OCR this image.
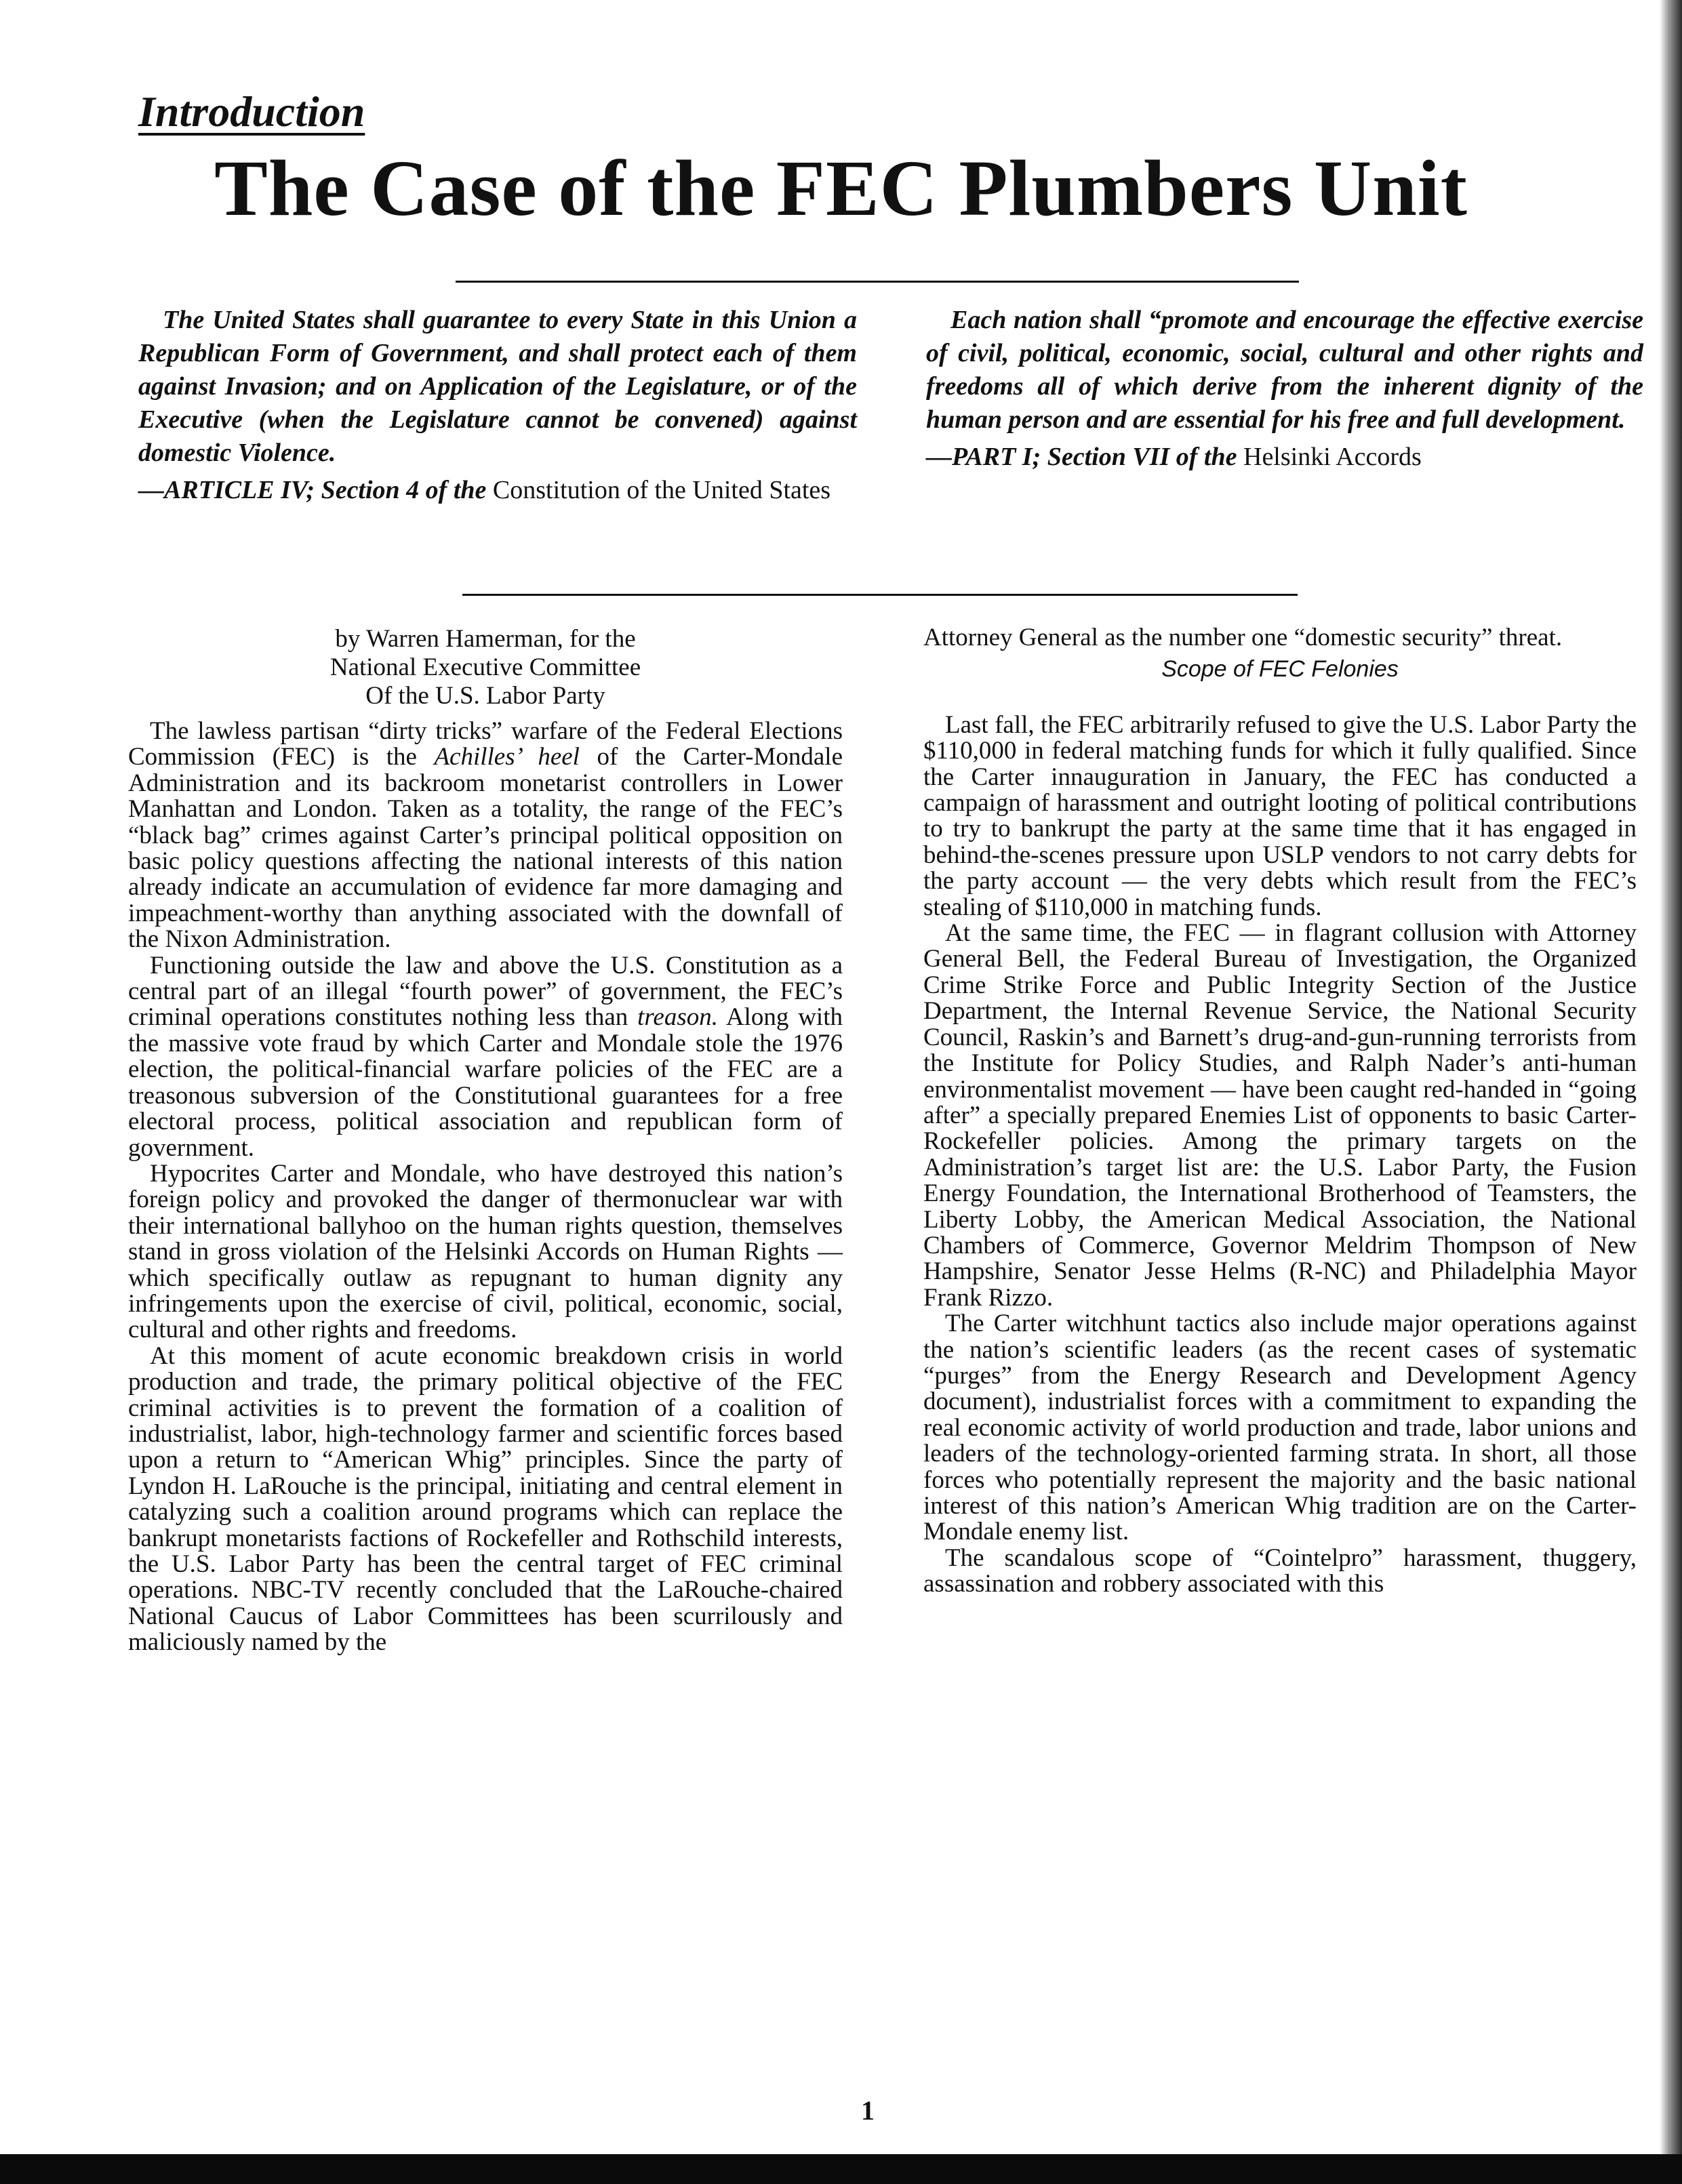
Introduction
The Case of the FEC Plumbers Unit

The United States shall guarantee to every State in this Union a Republican Form of Government, and shall protect each of them against Invasion; and on Application of the Legislature, or of the Executive (when the Legislature cannot be convened) against domestic Violence.

—ARTICLE IV; Section 4 of the Constitution of the United States

Each nation shall “promote and encourage the effective exercise of civil, political, economic, social, cultural and other rights and freedoms all of which derive from the inherent dignity of the human person and are essential for his free and full development.

—PART I; Section VII of the Helsinki Accords

by Warren Hamerman, for the
National Executive Committee
Of the U.S. Labor Party

The lawless partisan “dirty tricks” warfare of the Federal Elections Commission (FEC) is the Achilles’ heel of the Carter-Mondale Administration and its backroom monetarist controllers in Lower Manhattan and London. Taken as a totality, the range of the FEC’s “black bag” crimes against Carter’s principal political opposition on basic policy questions affecting the national interests of this nation already indicate an accumulation of evidence far more damaging and impeachment-worthy than anything associated with the downfall of the Nixon Administration.

Functioning outside the law and above the U.S. Constitution as a central part of an illegal “fourth power” of government, the FEC’s criminal operations constitutes nothing less than treason. Along with the massive vote fraud by which Carter and Mondale stole the 1976 election, the political-financial warfare policies of the FEC are a treasonous subversion of the Constitutional guarantees for a free electoral process, political association and republican form of government.

Hypocrites Carter and Mondale, who have destroyed this nation’s foreign policy and provoked the danger of thermonuclear war with their international ballyhoo on the human rights question, themselves stand in gross violation of the Helsinki Accords on Human Rights — which specifically outlaw as repugnant to human dignity any infringements upon the exercise of civil, political, economic, social, cultural and other rights and freedoms.

At this moment of acute economic breakdown crisis in world production and trade, the primary political objective of the FEC criminal activities is to prevent the formation of a coalition of industrialist, labor, high-technology farmer and scientific forces based upon a return to “American Whig” principles. Since the party of Lyndon H. LaRouche is the principal, initiating and central element in catalyzing such a coalition around programs which can replace the bankrupt monetarists factions of Rockefeller and Rothschild interests, the U.S. Labor Party has been the central target of FEC criminal operations. NBC-TV recently concluded that the LaRouche-chaired National Caucus of Labor Committees has been scurrilously and maliciously named by the

Attorney General as the number one “domestic security” threat.

Scope of FEC Felonies

Last fall, the FEC arbitrarily refused to give the U.S. Labor Party the $110,000 in federal matching funds for which it fully qualified. Since the Carter innauguration in January, the FEC has conducted a campaign of harassment and outright looting of political contributions to try to bankrupt the party at the same time that it has engaged in behind-the-scenes pressure upon USLP vendors to not carry debts for the party account — the very debts which result from the FEC’s stealing of $110,000 in matching funds.

At the same time, the FEC — in flagrant collusion with Attorney General Bell, the Federal Bureau of Investigation, the Organized Crime Strike Force and Public Integrity Section of the Justice Department, the Internal Revenue Service, the National Security Council, Raskin’s and Barnett’s drug-and-gun-running terrorists from the Institute for Policy Studies, and Ralph Nader’s anti-human environmentalist movement — have been caught red-handed in “going after” a specially prepared Enemies List of opponents to basic Carter-Rockefeller policies. Among the primary targets on the Administration’s target list are: the U.S. Labor Party, the Fusion Energy Foundation, the International Brotherhood of Teamsters, the Liberty Lobby, the American Medical Association, the National Chambers of Commerce, Governor Meldrim Thompson of New Hampshire, Senator Jesse Helms (R-NC) and Philadelphia Mayor Frank Rizzo.

The Carter witchhunt tactics also include major operations against the nation’s scientific leaders (as the recent cases of systematic “purges” from the Energy Research and Development Agency document), industrialist forces with a commitment to expanding the real economic activity of world production and trade, labor unions and leaders of the technology-oriented farming strata. In short, all those forces who potentially represent the majority and the basic national interest of this nation’s American Whig tradition are on the Carter-Mondale enemy list.

The scandalous scope of “Cointelpro” harassment, thuggery, assassination and robbery associated with this

1
